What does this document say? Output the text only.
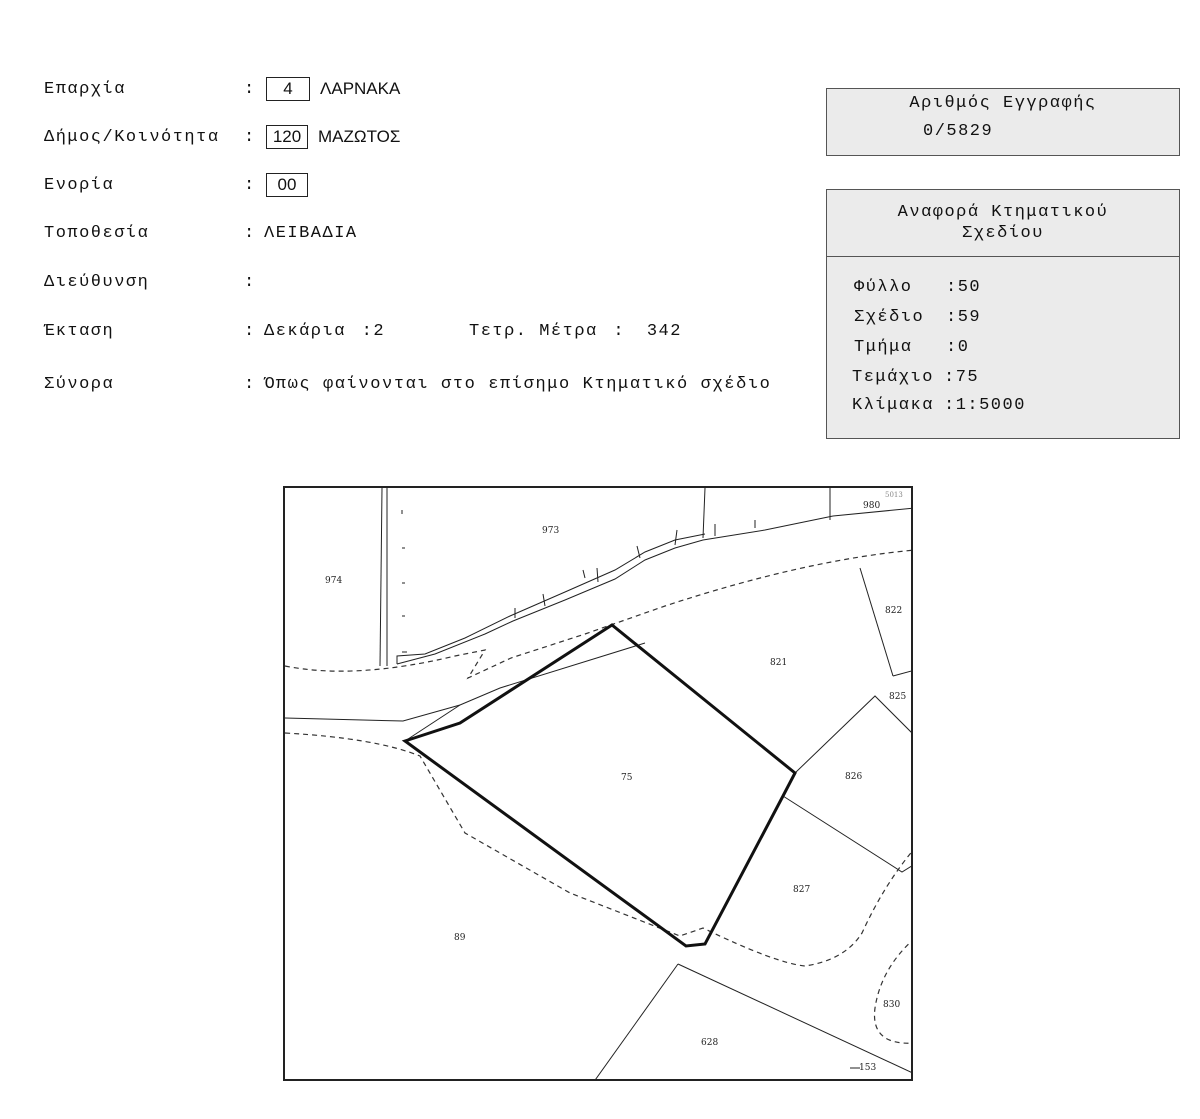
Επαρχία	:	4 ΛΑΡΝΑΚΑ
Δήμος/Κοινότητα :	120 ΜΑΖΩΤΟΣ
Ενορία	:	00
Τοποθεσία	: ΛΕΙΒΑΔΙΑ
Διεύθυνση	:
Έκταση	: Δεκάρια :2	Τετρ. Μέτρα : 342
Σύνορα	: Όπως φαίνονται στο επίσημο Κτηματικό σχέδιο
Αριθμός Εγγραφής
0/5829
Αναφορά Κτηματικού
Σχεδίου
Φύλλο :50
Σχέδιο :59
Τμήμα :0
Τεμάχιο :75
Κλίμακα :1:5000
973
974
980
5013
822
821
825
75	826
827
89
830
628
153
